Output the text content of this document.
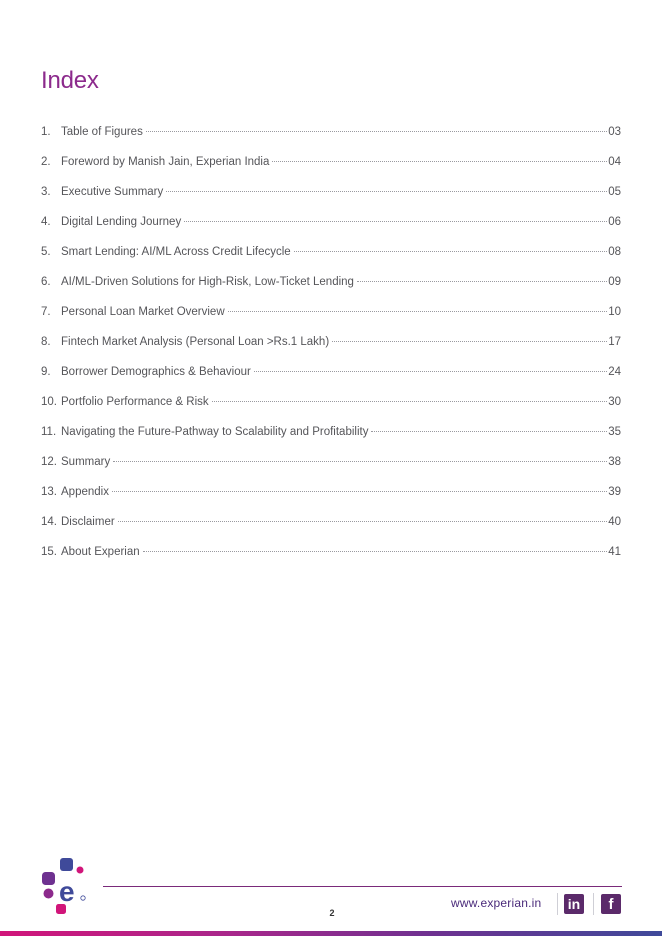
Index
1. Table of Figures	03
2. Foreword by Manish Jain, Experian India	04
3. Executive Summary	05
4. Digital Lending Journey	06
5. Smart Lending: AI/ML Across Credit Lifecycle	08
6. AI/ML-Driven Solutions for High-Risk, Low-Ticket Lending	09
7. Personal Loan Market Overview	10
8. Fintech Market Analysis (Personal Loan >Rs.1 Lakh)	17
9. Borrower Demographics & Behaviour	24
10. Portfolio Performance & Risk	30
11. Navigating the Future-Pathway to Scalability and Profitability	35
12. Summary	38
13. Appendix	39
14. Disclaimer	40
15. About Experian	41
e
2
www.experian.in in	f
